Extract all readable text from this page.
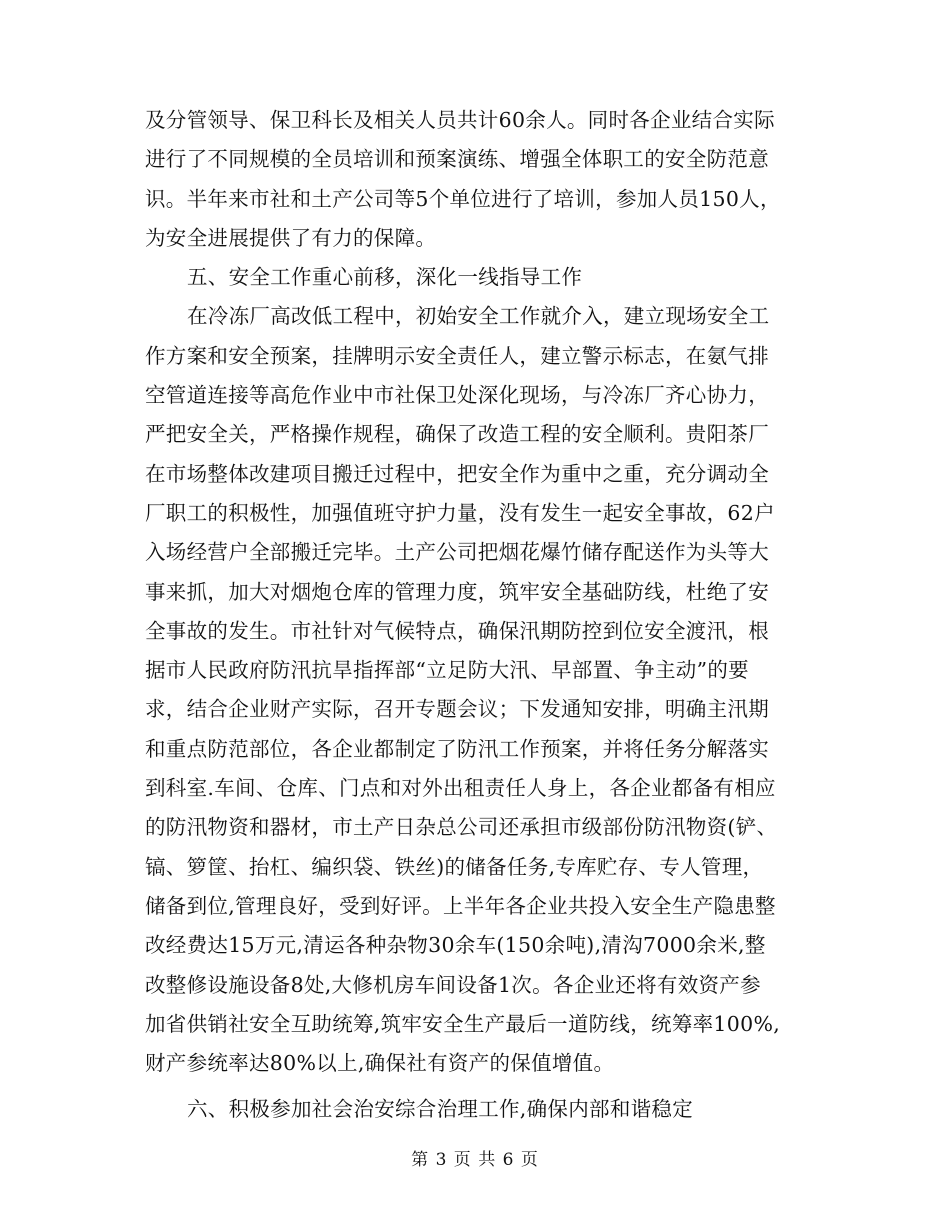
及分管领导、保卫科长及相关人员共计60余人。同时各企业结合实际
进行了不同规模的全员培训和预案演练、增强全体职工的安全防范意
识。半年来市社和土产公司等5个单位进行了培训，参加人员150人，
为安全进展提供了有力的保障。
五、安全工作重心前移，深化一线指导工作
在冷冻厂高改低工程中，初始安全工作就介入，建立现场安全工
作方案和安全预案，挂牌明示安全责任人，建立警示标志，在氨气排
空管道连接等高危作业中市社保卫处深化现场，与冷冻厂齐心协力，
严把安全关，严格操作规程，确保了改造工程的安全顺利。贵阳茶厂
在市场整体改建项目搬迁过程中，把安全作为重中之重，充分调动全
厂职工的积极性，加强值班守护力量，没有发生一起安全事故，62户
入场经营户全部搬迁完毕。土产公司把烟花爆竹储存配送作为头等大
事来抓，加大对烟炮仓库的管理力度，筑牢安全基础防线，杜绝了安
全事故的发生。市社针对气候特点，确保汛期防控到位安全渡汛，根
据市人民政府防汛抗旱指挥部“立足防大汛、早部置、争主动”的要
求，结合企业财产实际，召开专题会议；下发通知安排，明确主汛期
和重点防范部位，各企业都制定了防汛工作预案，并将任务分解落实
到科室.车间、仓库、门点和对外出租责任人身上，各企业都备有相应
的防汛物资和器材，市土产日杂总公司还承担市级部份防汛物资(铲、
镐、箩筐、抬杠、编织袋、铁丝)的储备任务,专库贮存、专人管理，
储备到位,管理良好，受到好评。上半年各企业共投入安全生产隐患整
改经费达15万元,清运各种杂物30余车(150余吨),清沟7000余米,整
改整修设施设备8处,大修机房车间设备1次。各企业还将有效资产参
加省供销社安全互助统筹,筑牢安全生产最后一道防线，统筹率100%,
财产参统率达80%以上,确保社有资产的保值增值。
六、积极参加社会治安综合治理工作,确保内部和谐稳定
第 3 页 共 6 页
